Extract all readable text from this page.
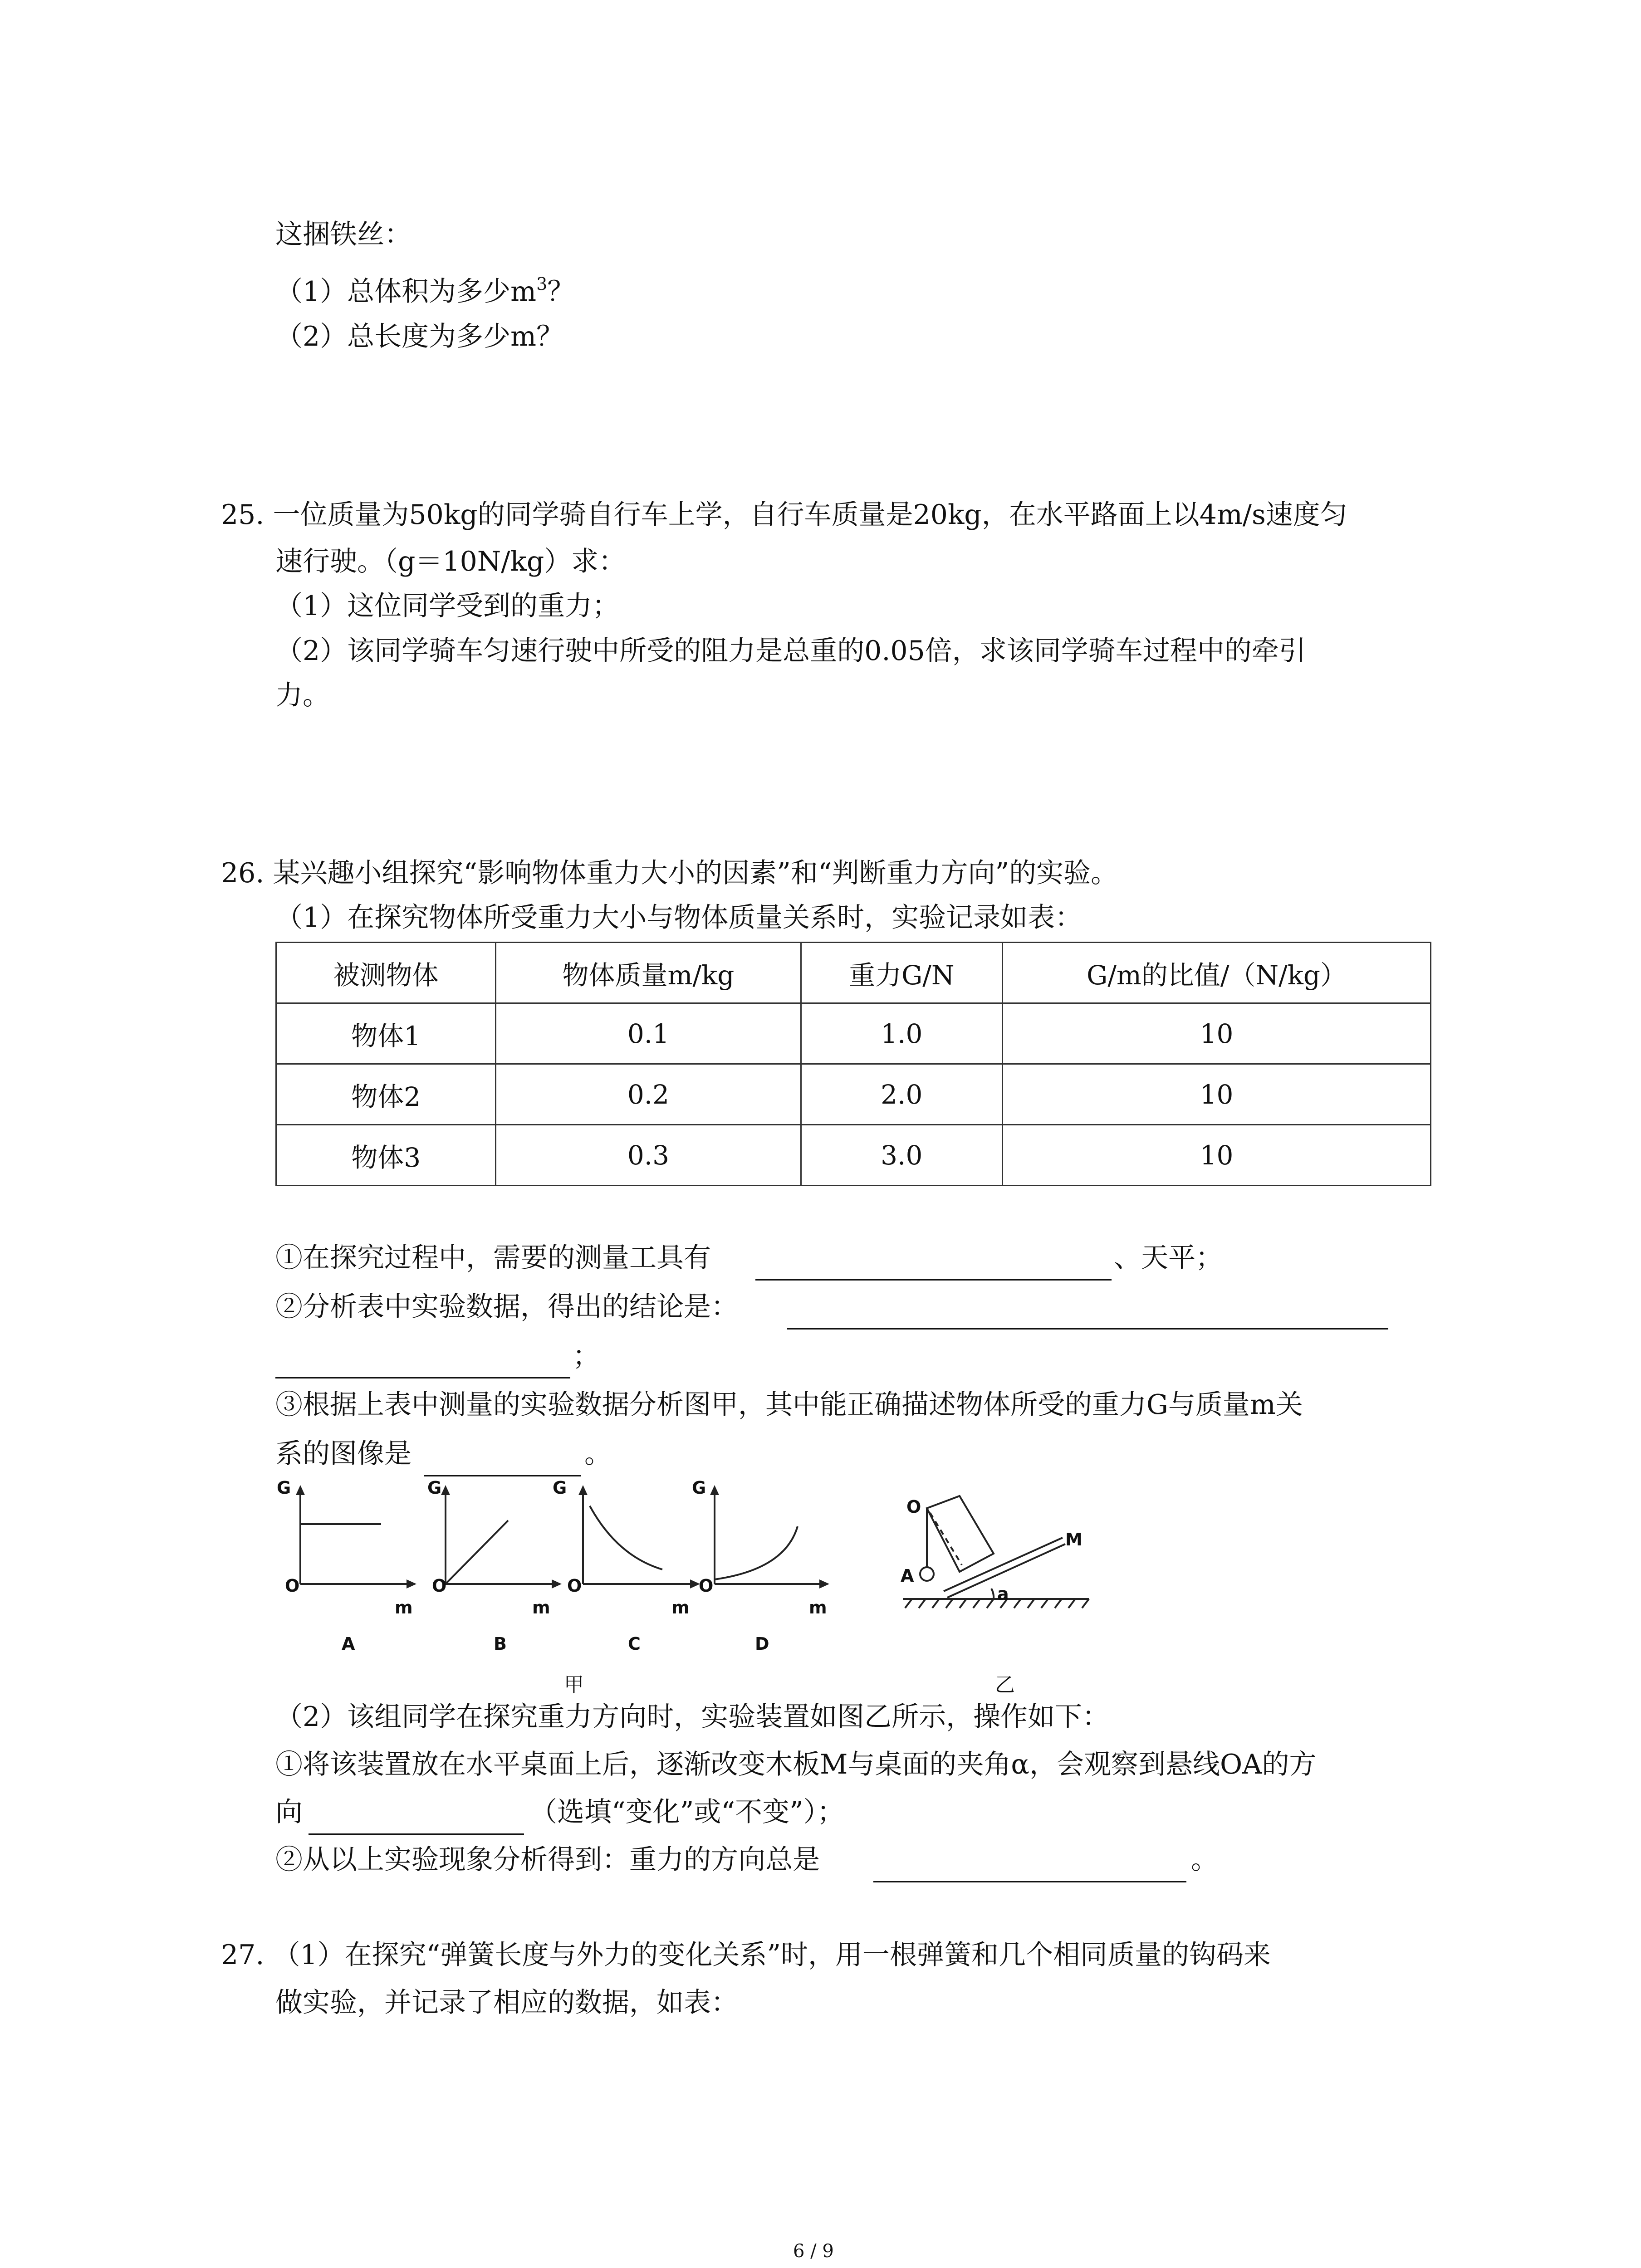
这捆铁丝：
（1）总体积为多少$m^3$？
（2）总长度为多少m？
25. 一位质量为50kg的同学骑自行车上学，自行车质量是20kg，在水平路面上以4m/s速度匀
速行驶。（g＝10N/kg）求：
（1）这位同学受到的重力；
（2）该同学骑车匀速行驶中所受的阻力是总重的0.05倍，求该同学骑车过程中的牵引
力。
26. 某兴趣小组探究“影响物体重力大小的因素”和“判断重力方向”的实验。
（1）在探究物体所受重力大小与物体质量关系时，实验记录如表：
被测物体	物体质量m/kg	重力G/N	G/m的比值/（N/kg）
物体1	0.1	1.0	10
物体2	0.2	2.0	10
物体3	0.3	3.0	10
①在探究过程中，需要的测量工具有	、天平；
②分析表中实验数据，得出的结论是：
；
③根据上表中测量的实验数据分析图甲，其中能正确描述物体所受的重力G与质量m关
系的图像是	。
G
O
m
A
G
O
m
B
G
O
m
C
G
O
m
D
甲
O
A
M
a
乙
（2）该组同学在探究重力方向时，实验装置如图乙所示，操作如下：
①将该装置放在水平桌面上后，逐渐改变木板M与桌面的夹角α，会观察到悬线OA的方
向	（选填“变化”或“不变”）；
②从以上实验现象分析得到：重力的方向总是	。
27. （1）在探究“弹簧长度与外力的变化关系”时，用一根弹簧和几个相同质量的钩码来
做实验，并记录了相应的数据，如表：
6 / 9
